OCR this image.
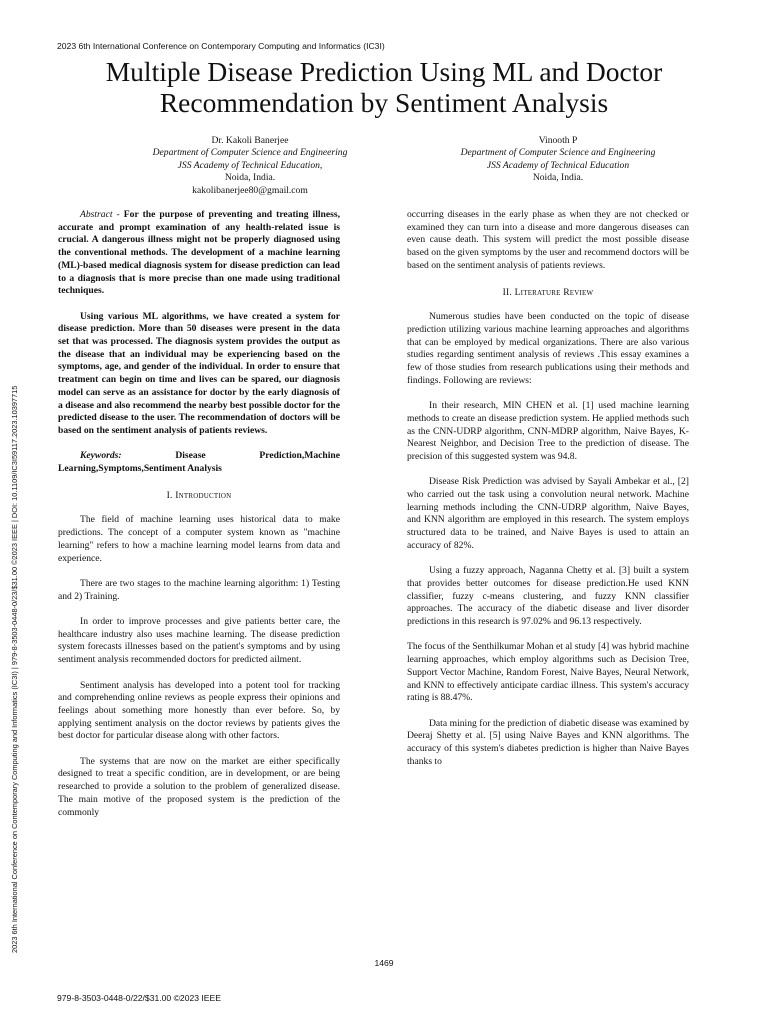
2023 6th International Conference on Contemporary Computing and Informatics (IC3I)
Multiple Disease Prediction Using ML and Doctor Recommendation by Sentiment Analysis
Dr. Kakoli Banerjee
Department of Computer Science and Engineering
JSS Academy of Technical Education,
Noida, India.
kakolibanerjee80@gmail.com
Vinooth P
Department of Computer Science and Engineering
JSS Academy of Technical Education
Noida, India.

Abstract - For the purpose of preventing and treating illness, accurate and prompt examination of any health-related issue is crucial. A dangerous illness might not be properly diagnosed using the conventional methods. The development of a machine learning (ML)-based medical diagnosis system for disease prediction can lead to a diagnosis that is more precise than one made using traditional techniques.

Using various ML algorithms, we have created a system for disease prediction. More than 50 diseases were present in the data set that was processed. The diagnosis system provides the output as the disease that an individual may be experiencing based on the symptoms, age, and gender of the individual. In order to ensure that treatment can begin on time and lives can be spared, our diagnosis model can serve as an assistance for doctor by the early diagnosis of a disease and also recommend the nearby best possible doctor for the predicted disease to the user. The recommendation of doctors will be based on the sentiment analysis of patients reviews.

Keywords:	Disease Prediction,Machine Learning,Symptoms,Sentiment Analysis

I. Introduction

The field of machine learning uses historical data to make predictions. The concept of a computer system known as "machine learning" refers to how a machine learning model learns from data and experience.

There are two stages to the machine learning algorithm: 1) Testing and 2) Training.

In order to improve processes and give patients better care, the healthcare industry also uses machine learning. The disease prediction system forecasts illnesses based on the patient's symptoms and by using sentiment analysis recommended doctors for predicted ailment.

Sentiment analysis has developed into a potent tool for tracking and comprehending online reviews as people express their opinions and feelings about something more honestly than ever before. So, by applying sentiment analysis on the doctor reviews by patients gives the best doctor for particular disease along with other factors.

The systems that are now on the market are either specifically designed to treat a specific condition, are in development, or are being researched to provide a solution to the problem of generalized disease. The main motive of the proposed system is the prediction of the commonly

occurring diseases in the early phase as when they are not checked or examined they can turn into a disease and more dangerous diseases can even cause death. This system will predict the most possible disease based on the given symptoms by the user and recommend doctors will be based on the sentiment analysis of patients reviews.

II. Literature Review

Numerous studies have been conducted on the topic of disease prediction utilizing various machine learning approaches and algorithms that can be employed by medical organizations. There are also various studies regarding sentiment analysis of reviews .This essay examines a few of those studies from research publications using their methods and findings. Following are reviews:

In their research, MIN CHEN et al. [1] used machine learning methods to create an disease prediction system. He applied methods such as the CNN-UDRP algorithm, CNN-MDRP algorithm, Naive Bayes, K-Nearest Neighbor, and Decision Tree to the prediction of disease. The precision of this suggested system was 94.8.

Disease Risk Prediction was advised by Sayali Ambekar et al., [2] who carried out the task using a convolution neural network. Machine learning methods including the CNN-UDRP algorithm, Naive Bayes, and KNN algorithm are employed in this research. The system employs structured data to be trained, and Naive Bayes is used to attain an accuracy of 82%.

Using a fuzzy approach, Naganna Chetty et al. [3] built a system that provides better outcomes for disease prediction.He used KNN classifier, fuzzy c-means clustering, and fuzzy KNN classifier approaches. The accuracy of the diabetic disease and liver disorder predictions in this research is 97.02% and 96.13 respectively.

The focus of the Senthilkumar Mohan et al study [4] was hybrid machine learning approaches, which employ algorithms such as Decision Tree, Support Vector Machine, Random Forest, Naive Bayes, Neural Network, and KNN to effectively anticipate cardiac illness. This system's accuracy rating is 88.47%.

Data mining for the prediction of diabetic disease was examined by Deeraj Shetty et al. [5] using Naive Bayes and KNN algorithms. The accuracy of this system's diabetes prediction is higher than Naive Bayes thanks to

2023 6th International Conference on Contemporary Computing and Informatics (IC3I) | 979-8-3503-0448-0/23/$31.00 ©2023 IEEE | DOI: 10.1109/IC3I59117.2023.10397715
1469
979-8-3503-0448-0/22/$31.00 ©2023 IEEE
